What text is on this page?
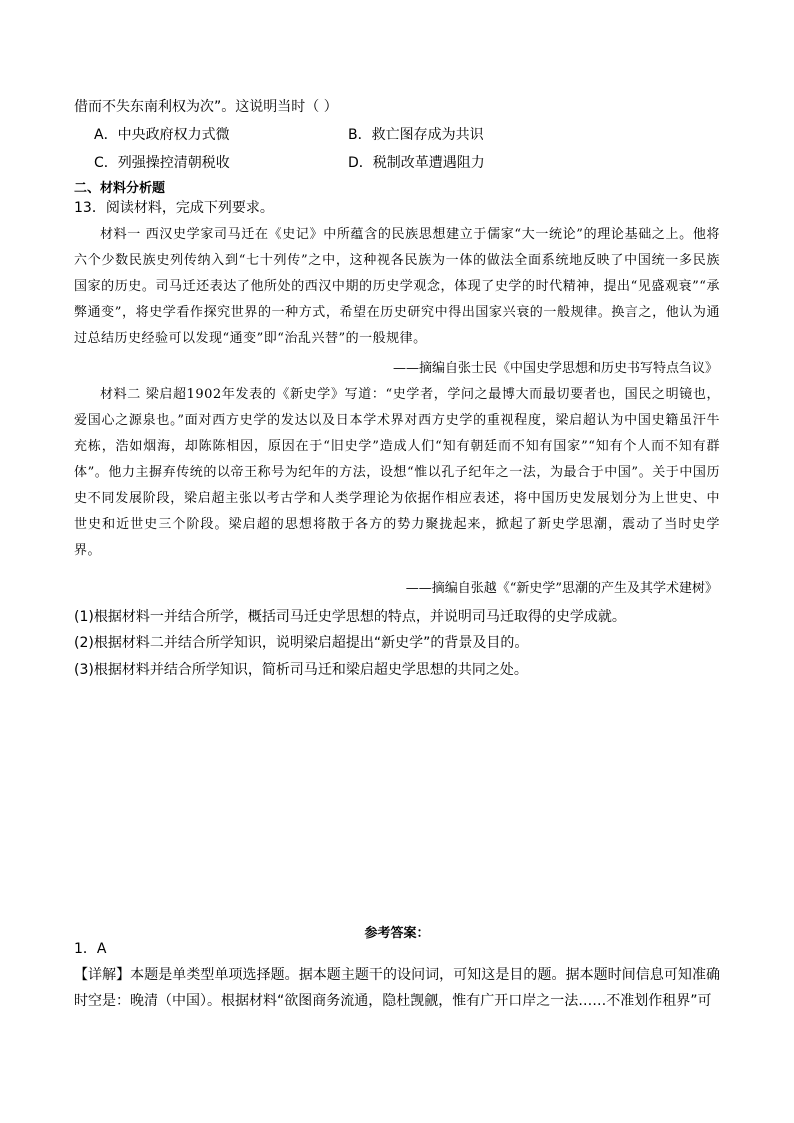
借而不失东南利权为次”。这说明当时（ ）
A．中央政府权力式微	B．救亡图存成为共识
C．列强操控清朝税收	D．税制改革遭遇阻力
二、材料分析题
13．阅读材料，完成下列要求。
材料一 西汉史学家司马迁在《史记》中所蕴含的民族思想建立于儒家“大一统论”的理论基础之上。他将六个少数民族史列传纳入到“七十列传”之中，这种视各民族为一体的做法全面系统地反映了中国统一多民族国家的历史。司马迁还表达了他所处的西汉中期的历史学观念，体现了史学的时代精神，提出“见盛观衰”“承弊通变”，将史学看作探究世界的一种方式，希望在历史研究中得出国家兴衰的一般规律。换言之，他认为通过总结历史经验可以发现“通变”即“治乱兴替”的一般规律。
——摘编自张士民《中国史学思想和历史书写特点刍议》
材料二 梁启超1902年发表的《新史学》写道：“史学者，学问之最博大而最切要者也，国民之明镜也，爱国心之源泉也。”面对西方史学的发达以及日本学术界对西方史学的重视程度，梁启超认为中国史籍虽汗牛充栋，浩如烟海，却陈陈相因，原因在于“旧史学”造成人们“知有朝廷而不知有国家”“知有个人而不知有群体”。他力主摒弃传统的以帝王称号为纪年的方法，设想“惟以孔子纪年之一法，为最合于中国”。关于中国历史不同发展阶段，梁启超主张以考古学和人类学理论为依据作相应表述，将中国历史发展划分为上世史、中世史和近世史三个阶段。梁启超的思想将散于各方的势力聚拢起来，掀起了新史学思潮，震动了当时史学界。
——摘编自张越《“新史学”思潮的产生及其学术建树》
(1)根据材料一并结合所学，概括司马迁史学思想的特点，并说明司马迁取得的史学成就。
(2)根据材料二并结合所学知识，说明梁启超提出“新史学”的背景及目的。
(3)根据材料并结合所学知识，简析司马迁和梁启超史学思想的共同之处。
参考答案：
1．A
【详解】本题是单类型单项选择题。据本题主题干的设问词，可知这是目的题。据本题时间信息可知准确时空是：晚清（中国）。根据材料“欲图商务流通，隐杜觊觎，惟有广开口岸之一法……不准划作租界”可
